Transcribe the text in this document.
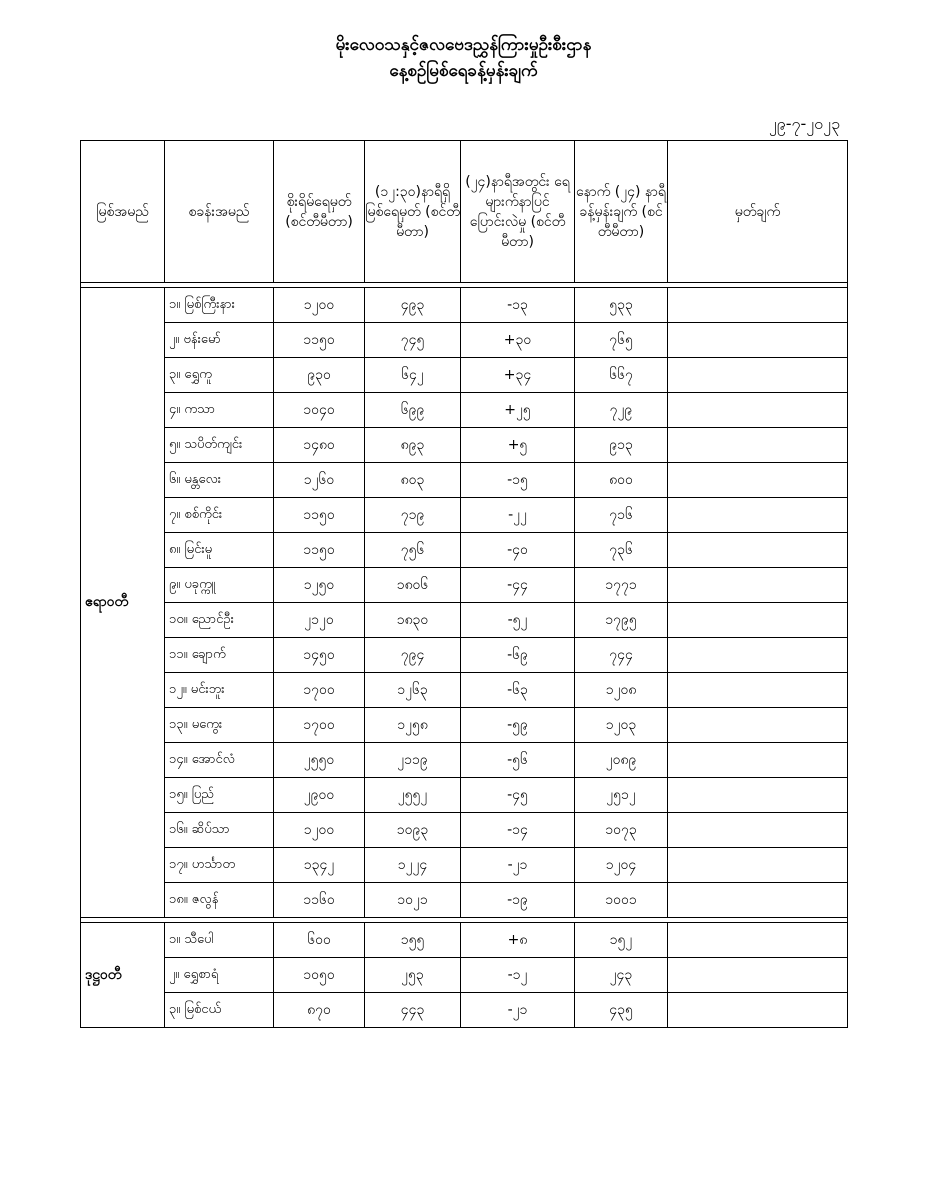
မိုးလေဝသနှင့်ဇလဗေဒညွှန်ကြားမှုဦးစီးဌာန
နေ့စဉ်မြစ်ရေခန့်မှန်းချက်
၂၉-၇-၂၀၂၃
မြစ်အမည်	စခန်းအမည်	စိုးရိမ်ရေမှတ် (စင်တီမီတာ)	(၁၂:၃၀)နာရီရှိ မြစ်ရေမှတ် (စင်တီမီတာ)	(၂၄)နာရီအတွင်း ရေများက်နာပြင် ပြောင်းလဲမှု (စင်တီမီတာ)	နောက် (၂၄) နာရီ ခန့်မှန်းချက် (စင်တီမီတာ)	မှတ်ချက်

ဧရာဝတီ	၁။ မြစ်ကြီးနား	၁၂၀၀	၄၉၃	-၁၃	၅၃၃	
	၂။ ဗန်းမော်	၁၁၅၀	၇၄၅	+၃၀	၇၆၅	
	၃။ ရွှေကူ	၉၃၀	၆၄၂	+၃၄	၆၆၇	
	၄။ ကသာ	၁၀၄၀	၆၉၉	+၂၅	၇၂၉	
	၅။ သပိတ်ကျင်း	၁၄၈၀	၈၉၃	+၅	၉၁၃	
	၆။ မန္တလေး	၁၂၆၀	၈၀၃	-၁၅	၈၀၀	
	၇။ စစ်ကိုင်း	၁၁၅၀	၇၁၉	-၂၂	၇၁၆	
	၈။ မြင်းမူ	၁၁၅၀	၇၅၆	-၄၀	၇၃၆	
	၉။ ပခုက္ကူ	၁၂၅၀	၁၈၀၆	-၄၄	၁၇၇၁	
	၁၀။ ညောင်ဦး	၂၁၂၀	၁၈၃၀	-၅၂	၁၇၉၅	
	၁၁။ ချောက်	၁၄၅၀	၇၉၄	-၆၉	၇၄၄	
	၁၂။ မင်းဘူး	၁၇၀၀	၁၂၆၃	-၆၃	၁၂၀၈	
	၁၃။ မကွေး	၁၇၀၀	၁၂၅၈	-၅၉	၁၂၀၃	
	၁၄။ အောင်လံ	၂၅၅၀	၂၁၁၉	-၅၆	၂၀၈၉	
	၁၅။ ပြည်	၂၉၀၀	၂၅၅၂	-၄၅	၂၅၁၂	
	၁၆။ ဆိပ်သာ	၁၂၀၀	၁၀၉၃	-၁၄	၁၀၇၃	
	၁၇။ ဟင်္သာတ	၁၃၄၂	၁၂၂၄	-၂၁	၁၂၀၄	
	၁၈။ ဇလွန်	၁၁၆၀	၁၀၂၁	-၁၉	၁၀၀၁	

ဒုဋ္ဌဝတီ	၁။ သီပေါ	၆၀၀	၁၅၅	+၈	၁၅၂	
	၂။ ရွှေစာရံ	၁၀၅၀	၂၅၃	-၁၂	၂၄၃	
	၃။ မြစ်ငယ်	၈၇၀	၄၄၃	-၂၁	၄၃၅	
